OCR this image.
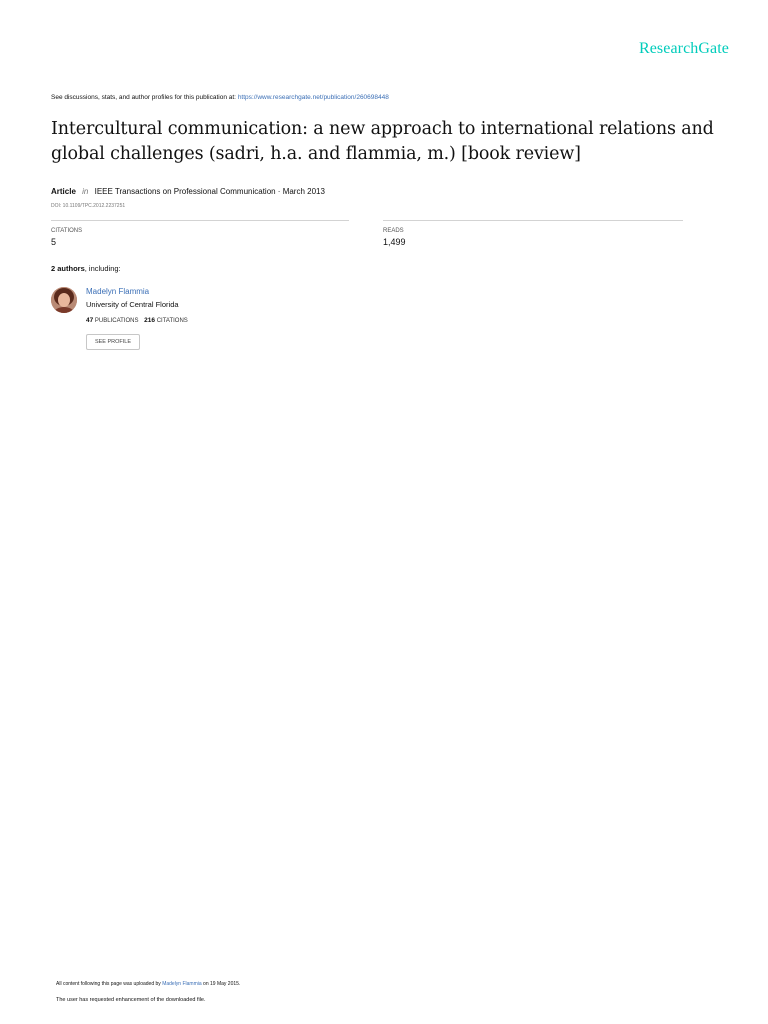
ResearchGate
See discussions, stats, and author profiles for this publication at: https://www.researchgate.net/publication/260698448
Intercultural communication: a new approach to international relations and global challenges (sadri, h.a. and flammia, m.) [book review]
Article in IEEE Transactions on Professional Communication · March 2013
DOI: 10.1109/TPC.2012.2237251
CITATIONS
5
READS
1,499
2 authors, including:
Madelyn Flammia
University of Central Florida
47 PUBLICATIONS 216 CITATIONS
SEE PROFILE
All content following this page was uploaded by Madelyn Flammia on 19 May 2015.
The user has requested enhancement of the downloaded file.
